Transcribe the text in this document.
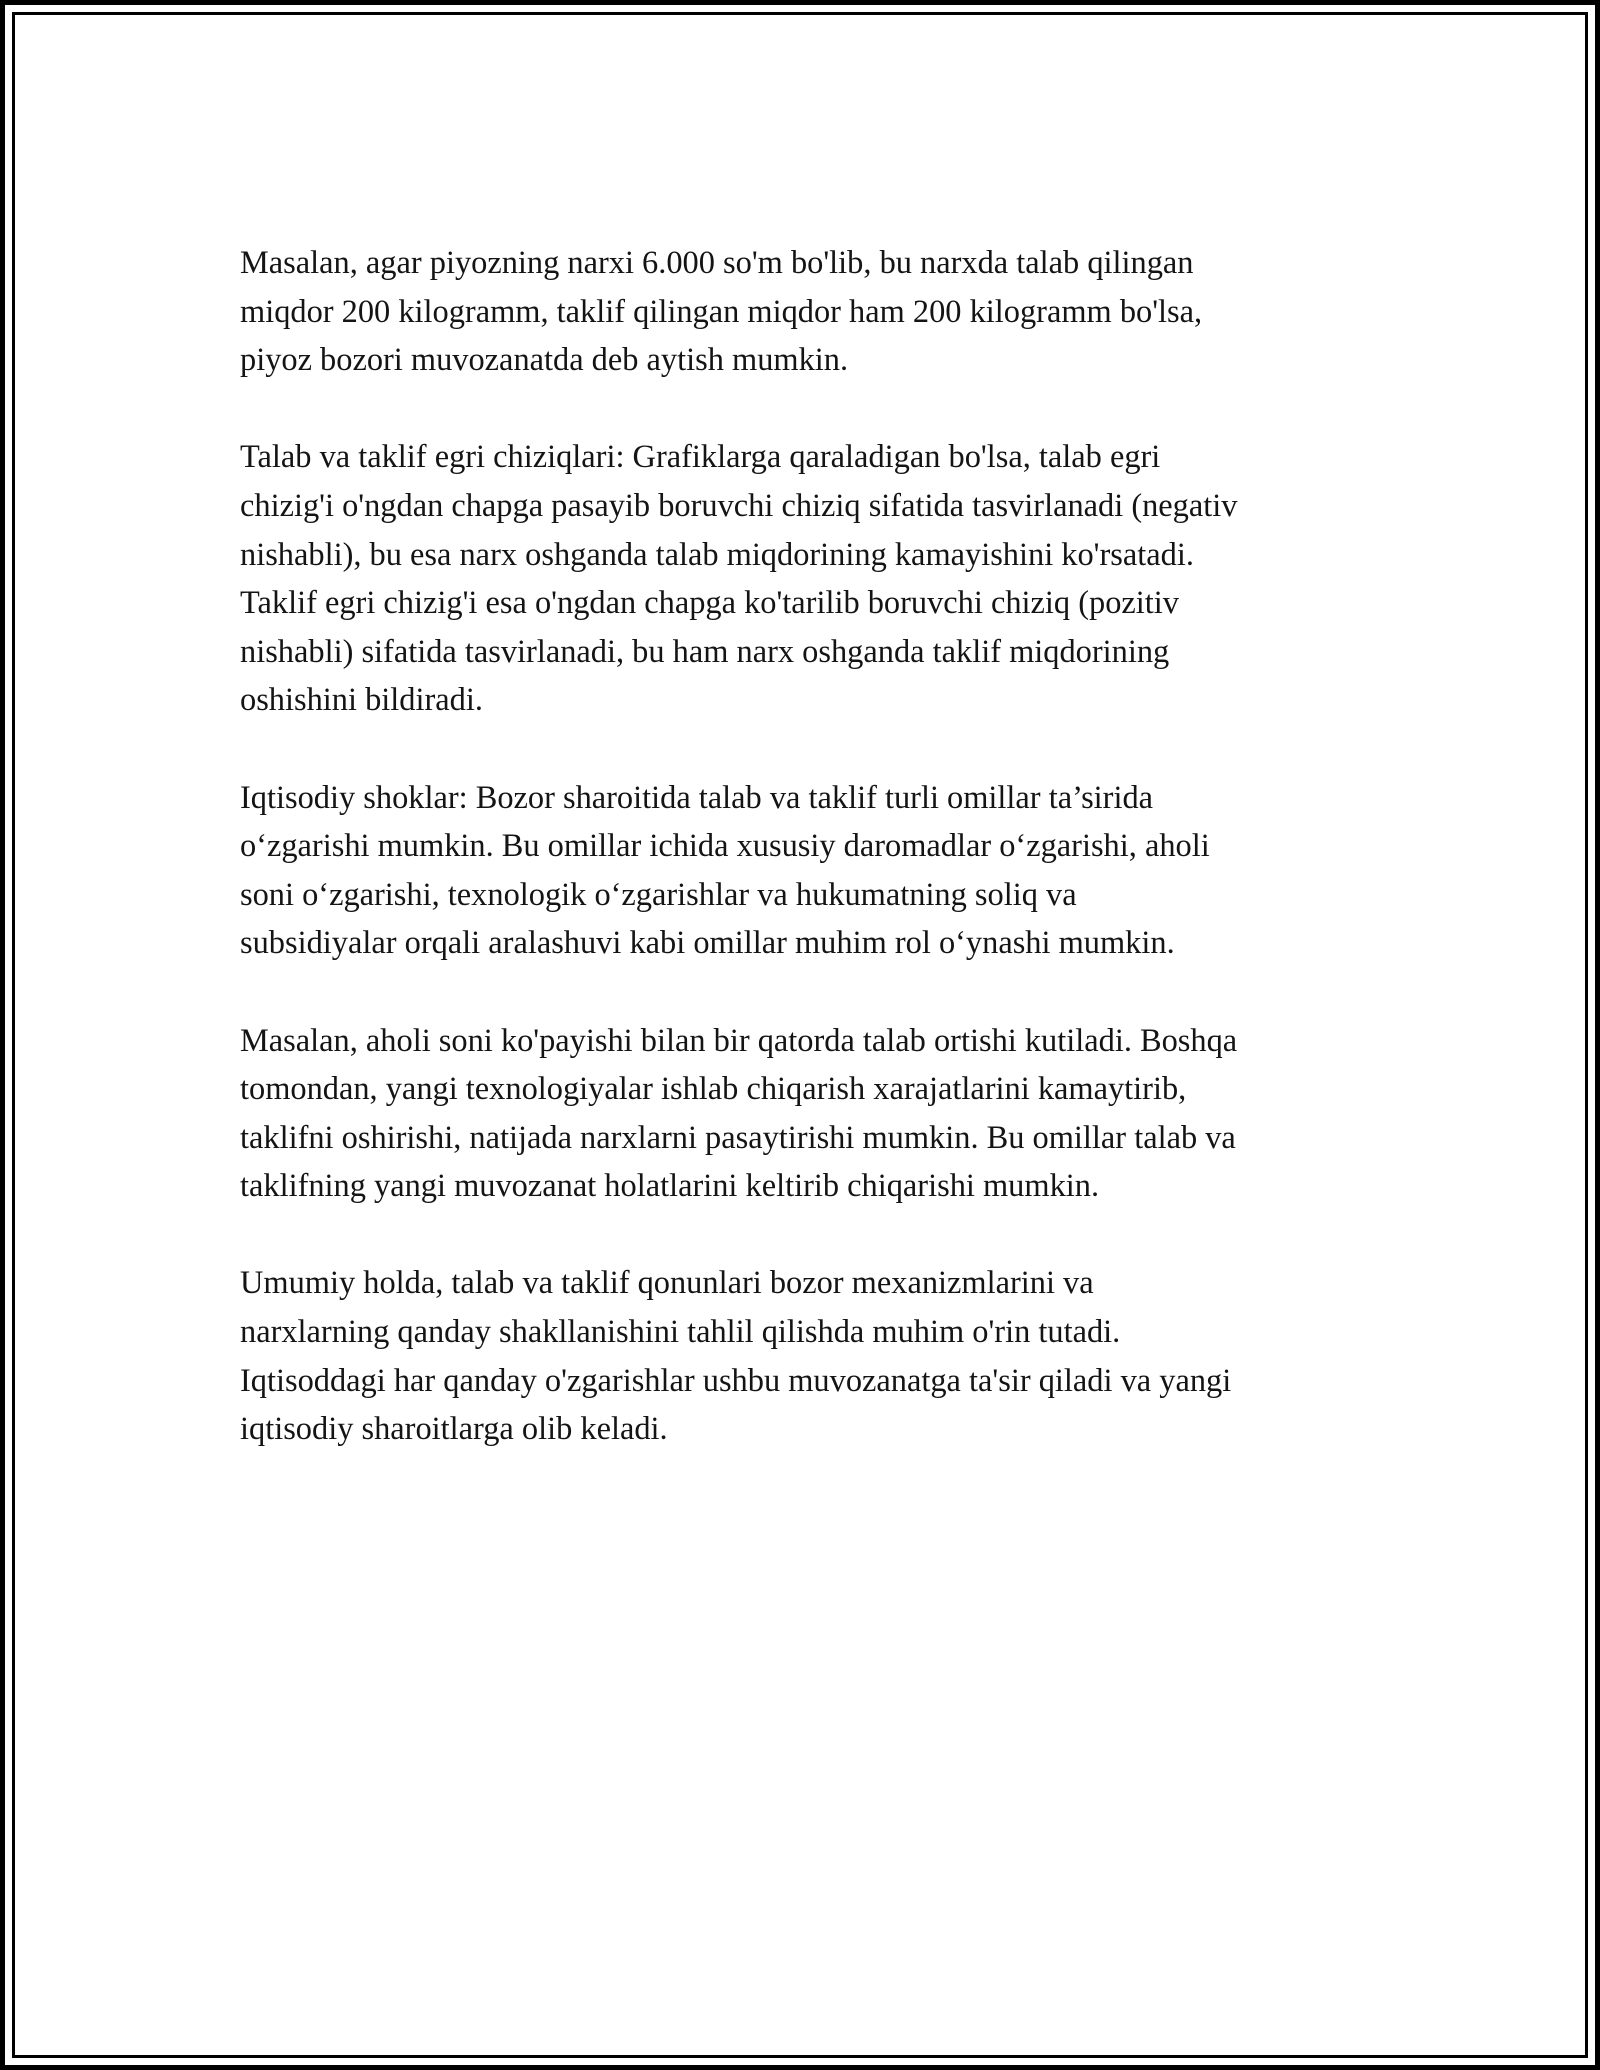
Masalan, agar piyozning narxi 6.000 so'm bo'lib, bu narxda talab qilingan
miqdor 200 kilogramm, taklif qilingan miqdor ham 200 kilogramm bo'lsa,
piyoz bozori muvozanatda deb aytish mumkin.

Talab va taklif egri chiziqlari: Grafiklarga qaraladigan bo'lsa, talab egri
chizig'i o'ngdan chapga pasayib boruvchi chiziq sifatida tasvirlanadi (negativ
nishabli), bu esa narx oshganda talab miqdorining kamayishini ko'rsatadi.
Taklif egri chizig'i esa o'ngdan chapga ko'tarilib boruvchi chiziq (pozitiv
nishabli) sifatida tasvirlanadi, bu ham narx oshganda taklif miqdorining
oshishini bildiradi.

Iqtisodiy shoklar: Bozor sharoitida talab va taklif turli omillar ta’sirida
o‘zgarishi mumkin. Bu omillar ichida xususiy daromadlar o‘zgarishi, aholi
soni o‘zgarishi, texnologik o‘zgarishlar va hukumatning soliq va
subsidiyalar orqali aralashuvi kabi omillar muhim rol o‘ynashi mumkin.

Masalan, aholi soni ko'payishi bilan bir qatorda talab ortishi kutiladi. Boshqa
tomondan, yangi texnologiyalar ishlab chiqarish xarajatlarini kamaytirib,
taklifni oshirishi, natijada narxlarni pasaytirishi mumkin. Bu omillar talab va
taklifning yangi muvozanat holatlarini keltirib chiqarishi mumkin.

Umumiy holda, talab va taklif qonunlari bozor mexanizmlarini va
narxlarning qanday shakllanishini tahlil qilishda muhim o'rin tutadi.
Iqtisoddagi har qanday o'zgarishlar ushbu muvozanatga ta'sir qiladi va yangi
iqtisodiy sharoitlarga olib keladi.
